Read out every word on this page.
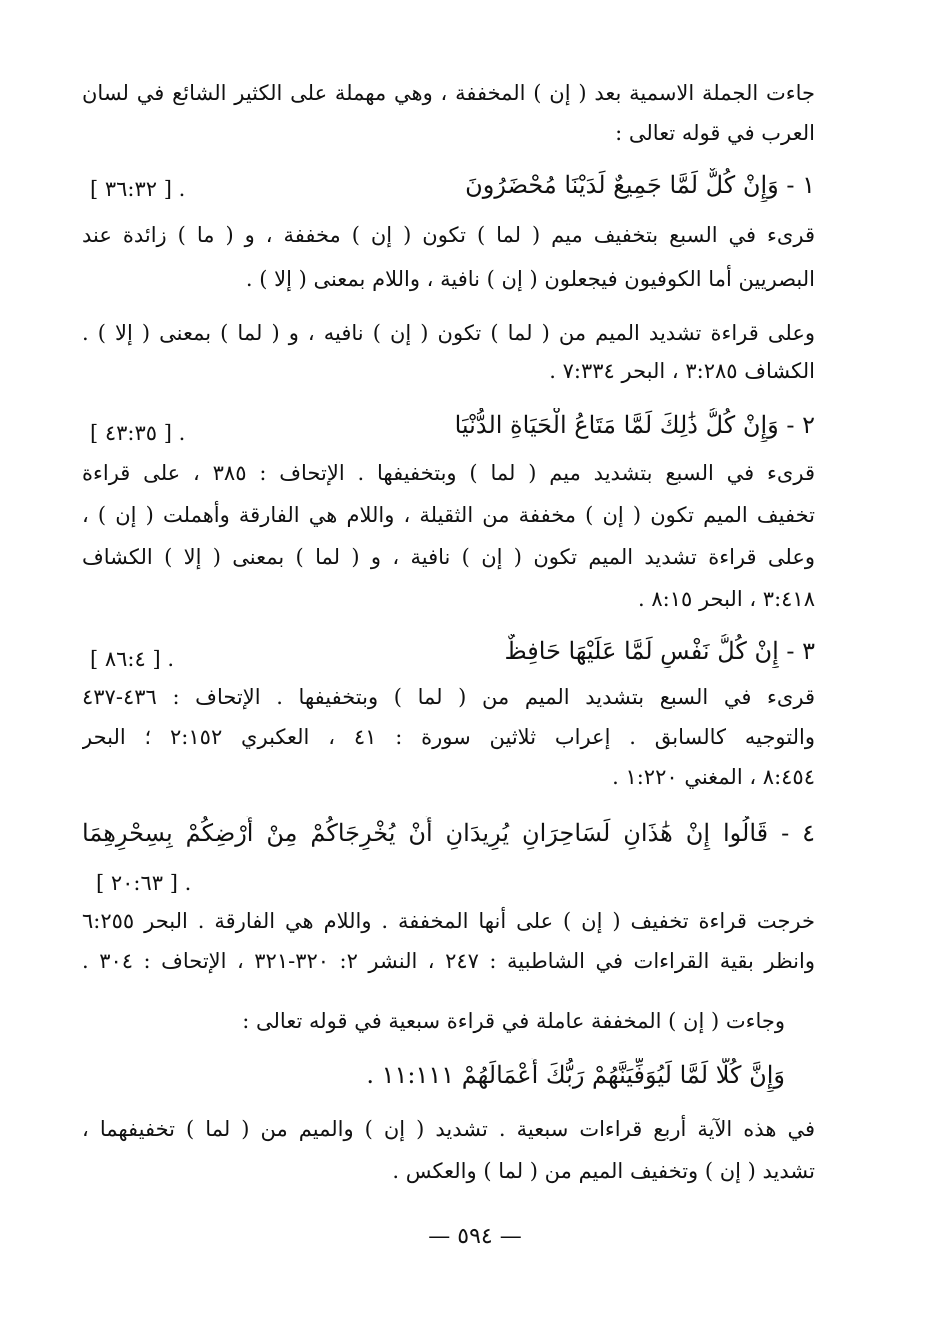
جاءت الجملة الاسمية بعد ( إن ) المخففة ، وهي مهملة على الكثير الشائع في لسان
العرب في قوله تعالى :
١ - وَإِنْ كُلٌّ لَمَّا جَمِيعٌ لَدَيْنَا مُحْضَرُونَ
[ ٣٦:٣٢ ] .
قرىء في السبع بتخفيف ميم ( لما ) تكون ( إن ) مخففة ، و ( ما ) زائدة عند
البصريين أما الكوفيون فيجعلون ( إن ) نافية ، واللام بمعنى ( إلا ) .
وعلى قراءة تشديد الميم من ( لما ) تكون ( إن ) نافيه ، و ( لما ) بمعنى ( إلا ) .
الكشاف ٣:٢٨٥ ، البحر ٧:٣٣٤ .
٢ - وَإِنْ كُلُّ ذَٰلِكَ لَمَّا مَتَاعُ الْحَيَاةِ الدُّنْيَا
[ ٤٣:٣٥ ] .
قرىء في السبع بتشديد ميم ( لما ) وبتخفيفها . الإتحاف : ٣٨٥ ، على قراءة
تخفيف الميم تكون ( إن ) مخففة من الثقيلة ، واللام هي الفارقة وأهملت ( إن ) ،
وعلى قراءة تشديد الميم تكون ( إن ) نافية ، و ( لما ) بمعنى ( إلا ) الكشاف
٣:٤١٨ ، البحر ٨:١٥ .
٣ - إِنْ كُلُّ نَفْسٍ لَمَّا عَلَيْهَا حَافِظٌ
[ ٨٦:٤ ] .
قرىء في السبع بتشديد الميم من ( لما ) وبتخفيفها . الإتحاف : ٤٣٦-٤٣٧
والتوجيه كالسابق . إعراب ثلاثين سورة : ٤١ ، العكبري ٢:١٥٢ ؛ البحر
٨:٤٥٤ ، المغني ١:٢٢٠ .
٤ - قَالُوا إِنْ هَٰذَانِ لَسَاحِرَانِ يُرِيدَانِ أَنْ يُخْرِجَاكُمْ مِنْ أَرْضِكُمْ بِسِحْرِهِمَا
[ ٢٠:٦٣ ] .
خرجت قراءة تخفيف ( إن ) على أنها المخففة . واللام هي الفارقة . البحر ٦:٢٥٥
وانظر بقية القراءات في الشاطبية : ٢٤٧ ، النشر ٢: ٣٢٠-٣٢١ ، الإتحاف : ٣٠٤ .
وجاءت ( إن ) المخففة عاملة في قراءة سبعية في قوله تعالى :
وَإِنَّ كُلًّا لَمَّا لَيُوَفِّيَنَّهُمْ رَبُّكَ أَعْمَالَهُمْ ١١:١١١ .
في هذه الآية أربع قراءات سبعية . تشديد ( إن ) والميم من ( لما ) تخفيفهما ،
تشديد ( إن ) وتخفيف الميم من ( لما ) والعكس .
— ٥٩٤ —
